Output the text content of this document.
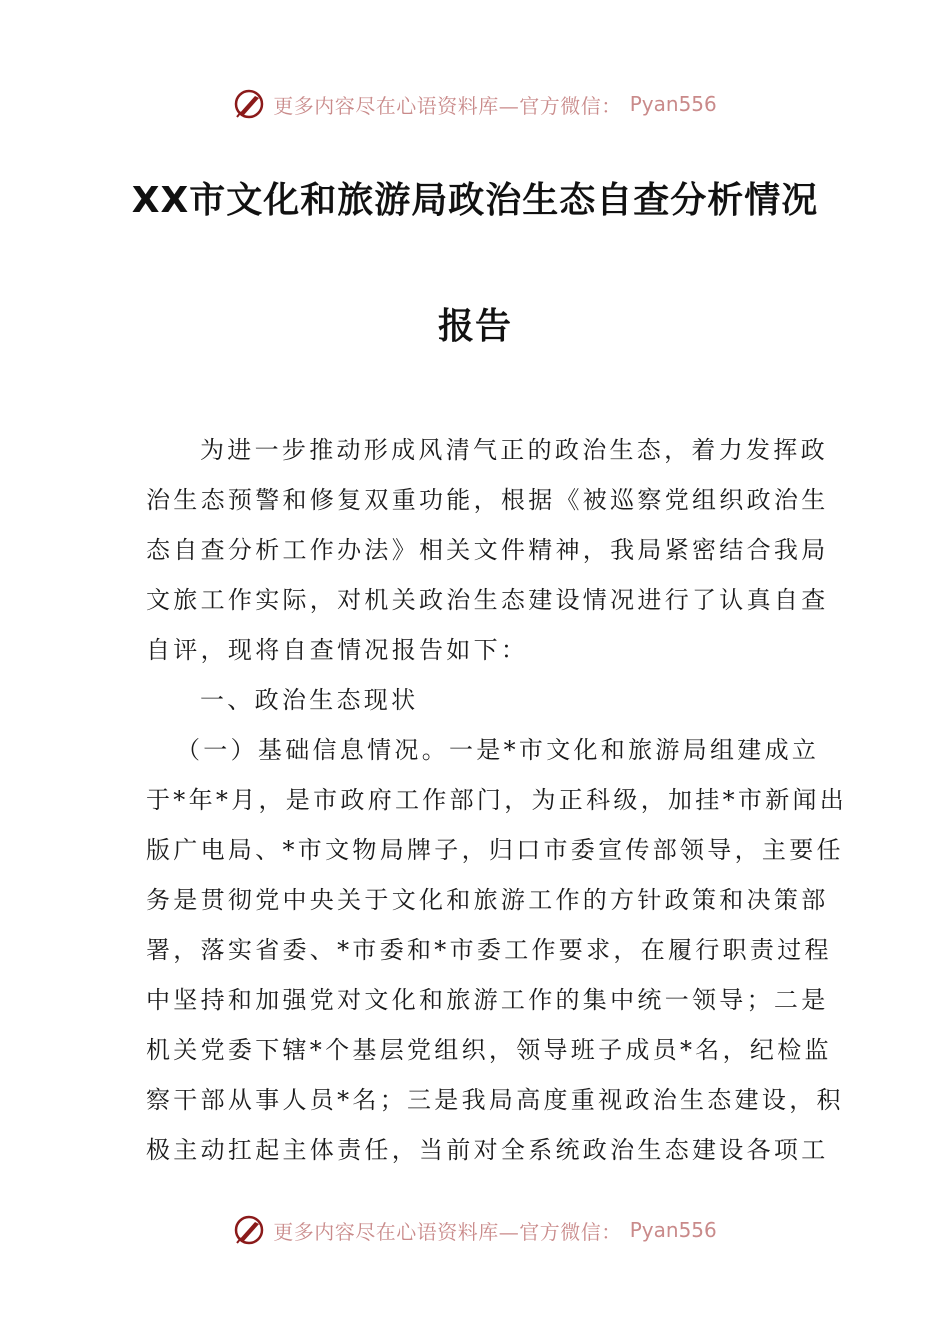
更多内容尽在心语资料库—官方微信： Pyan556
XX市文化和旅游局政治生态自查分析情况
报告
为进一步推动形成风清气正的政治生态，着力发挥政
治生态预警和修复双重功能，根据《被巡察党组织政治生
态自查分析工作办法》相关文件精神，我局紧密结合我局
文旅工作实际，对机关政治生态建设情况进行了认真自查
自评，现将自查情况报告如下：
一、政治生态现状
（一）基础信息情况。一是*市文化和旅游局组建成立
于*年*月，是市政府工作部门，为正科级，加挂*市新闻出
版广电局、*市文物局牌子，归口市委宣传部领导，主要任
务是贯彻党中央关于文化和旅游工作的方针政策和决策部
署，落实省委、*市委和*市委工作要求，在履行职责过程
中坚持和加强党对文化和旅游工作的集中统一领导；二是
机关党委下辖*个基层党组织，领导班子成员*名，纪检监
察干部从事人员*名；三是我局高度重视政治生态建设，积
极主动扛起主体责任，当前对全系统政治生态建设各项工
更多内容尽在心语资料库—官方微信： Pyan556
